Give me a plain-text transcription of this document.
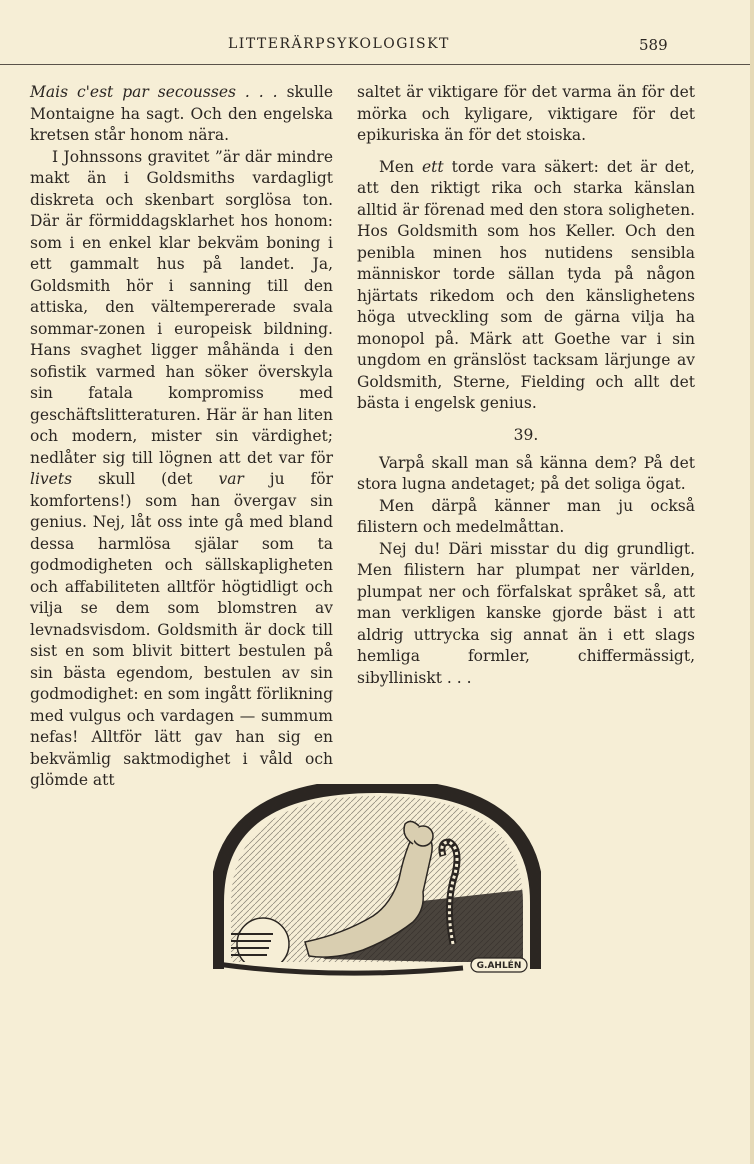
LITTERÄRPSYKOLOGISKT	589

Mais c'est par secousses . . . skulle Montaigne ha sagt. Och den engelska kretsen står honom nära.

I Johnssons gravitet ”är där mindre makt än i Goldsmiths vardagligt diskreta och skenbart sorglösa ton. Där är förmiddagsklarhet hos honom: som i en enkel klar bekväm boning i ett gammalt hus på landet. Ja, Goldsmith hör i sanning till den attiska, den vältempererade svala sommar-zonen i europeisk bildning. Hans svaghet ligger måhända i den sofistik varmed han söker överskyla sin fatala kompromiss med geschäftslitteraturen. Här är han liten och modern, mister sin värdighet; nedlåter sig till lögnen att det var för livets skull (det var ju för komfortens!) som han övergav sin genius. Nej, låt oss inte gå med bland dessa harmlösa själar som ta godmodigheten och sällskapligheten och affabiliteten alltför högtidligt och vilja se dem som blomstren av levnadsvisdom. Goldsmith är dock till sist en som blivit bittert bestulen på sin bästa egendom, bestulen av sin godmodighet: en som ingått förlikning med vulgus och vardagen — summum nefas! Alltför lätt gav han sig en bekvämlig saktmodighet i våld och glömde att

saltet är viktigare för det varma än för det mörka och kyligare, viktigare för det epikuriska än för det stoiska.

Men ett torde vara säkert: det är det, att den riktigt rika och starka känslan alltid är förenad med den stora soligheten. Hos Goldsmith som hos Keller. Och den penibla minen hos nutidens sensibla människor torde sällan tyda på någon hjärtats rikedom och den känslighetens höga utveckling som de gärna vilja ha monopol på. Märk att Goethe var i sin ungdom en gränslöst tacksam lärjunge av Goldsmith, Sterne, Fielding och allt det bästa i engelsk genius.

39.

Varpå skall man så känna dem? På det stora lugna andetaget; på det soliga ögat.

Men därpå känner man ju också filistern och medelmåttan.

Nej du! Däri misstar du dig grundligt. Men filistern har plumpat ner världen, plumpat ner och förfalskat språket så, att man verkligen kanske gjorde bäst i att aldrig uttrycka sig annat än i ett slags hemliga formler, chiffermässigt, sibylliniskt . . .

G.AHLÉN
